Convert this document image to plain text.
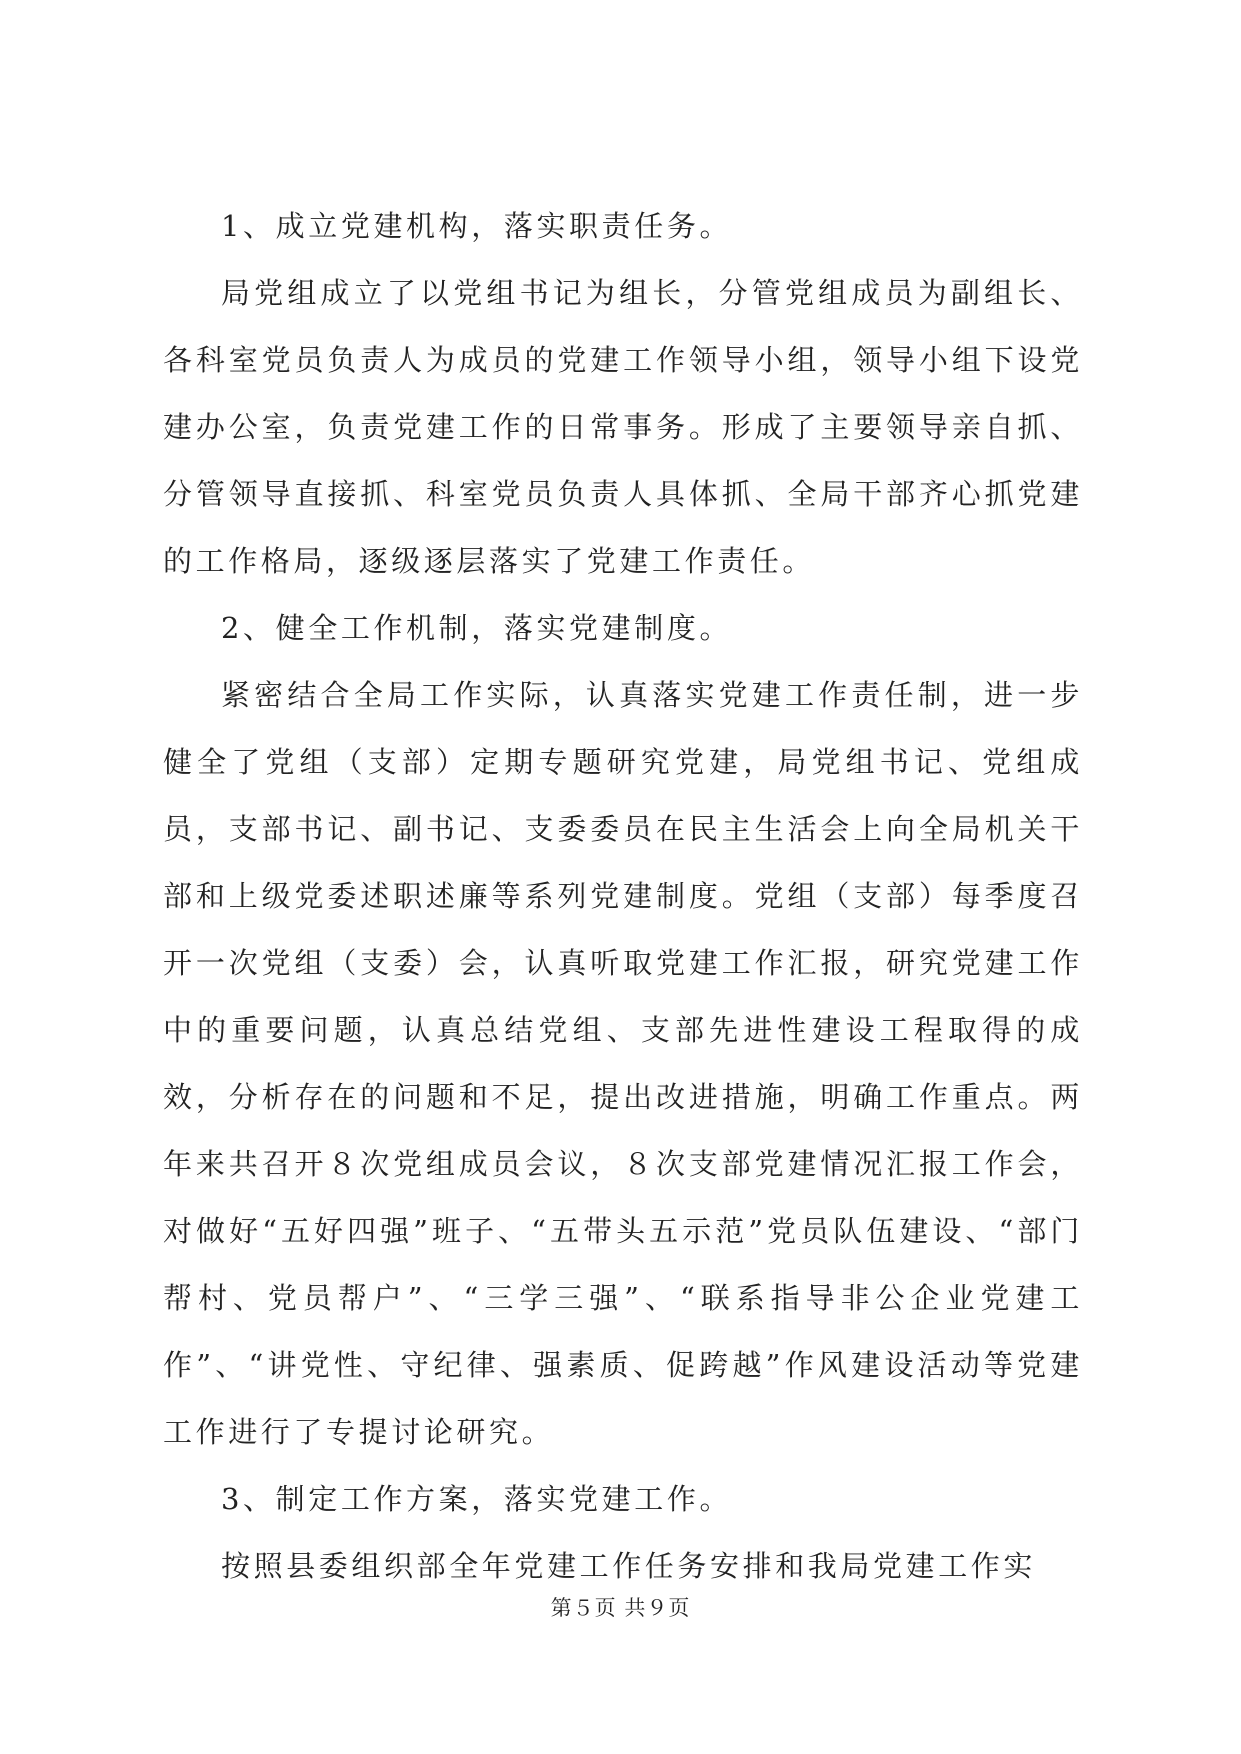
1、成立党建机构，落实职责任务。

局党组成立了以党组书记为组长，分管党组成员为副组长、各科室党员负责人为成员的党建工作领导小组，领导小组下设党建办公室，负责党建工作的日常事务。形成了主要领导亲自抓、分管领导直接抓、科室党员负责人具体抓、全局干部齐心抓党建的工作格局，逐级逐层落实了党建工作责任。

2、健全工作机制，落实党建制度。

紧密结合全局工作实际，认真落实党建工作责任制，进一步健全了党组（支部）定期专题研究党建，局党组书记、党组成员，支部书记、副书记、支委委员在民主生活会上向全局机关干部和上级党委述职述廉等系列党建制度。党组（支部）每季度召开一次党组（支委）会，认真听取党建工作汇报，研究党建工作中的重要问题，认真总结党组、支部先进性建设工程取得的成效，分析存在的问题和不足，提出改进措施，明确工作重点。两年来共召开８次党组成员会议，８次支部党建情况汇报工作会，对做好“五好四强”班子、“五带头五示范”党员队伍建设、“部门帮村、党员帮户”、“三学三强”、“联系指导非公企业党建工作”、“讲党性、守纪律、强素质、促跨越”作风建设活动等党建工作进行了专提讨论研究。

3、制定工作方案，落实党建工作。

按照县委组织部全年党建工作任务安排和我局党建工作实

第５页 共９页
